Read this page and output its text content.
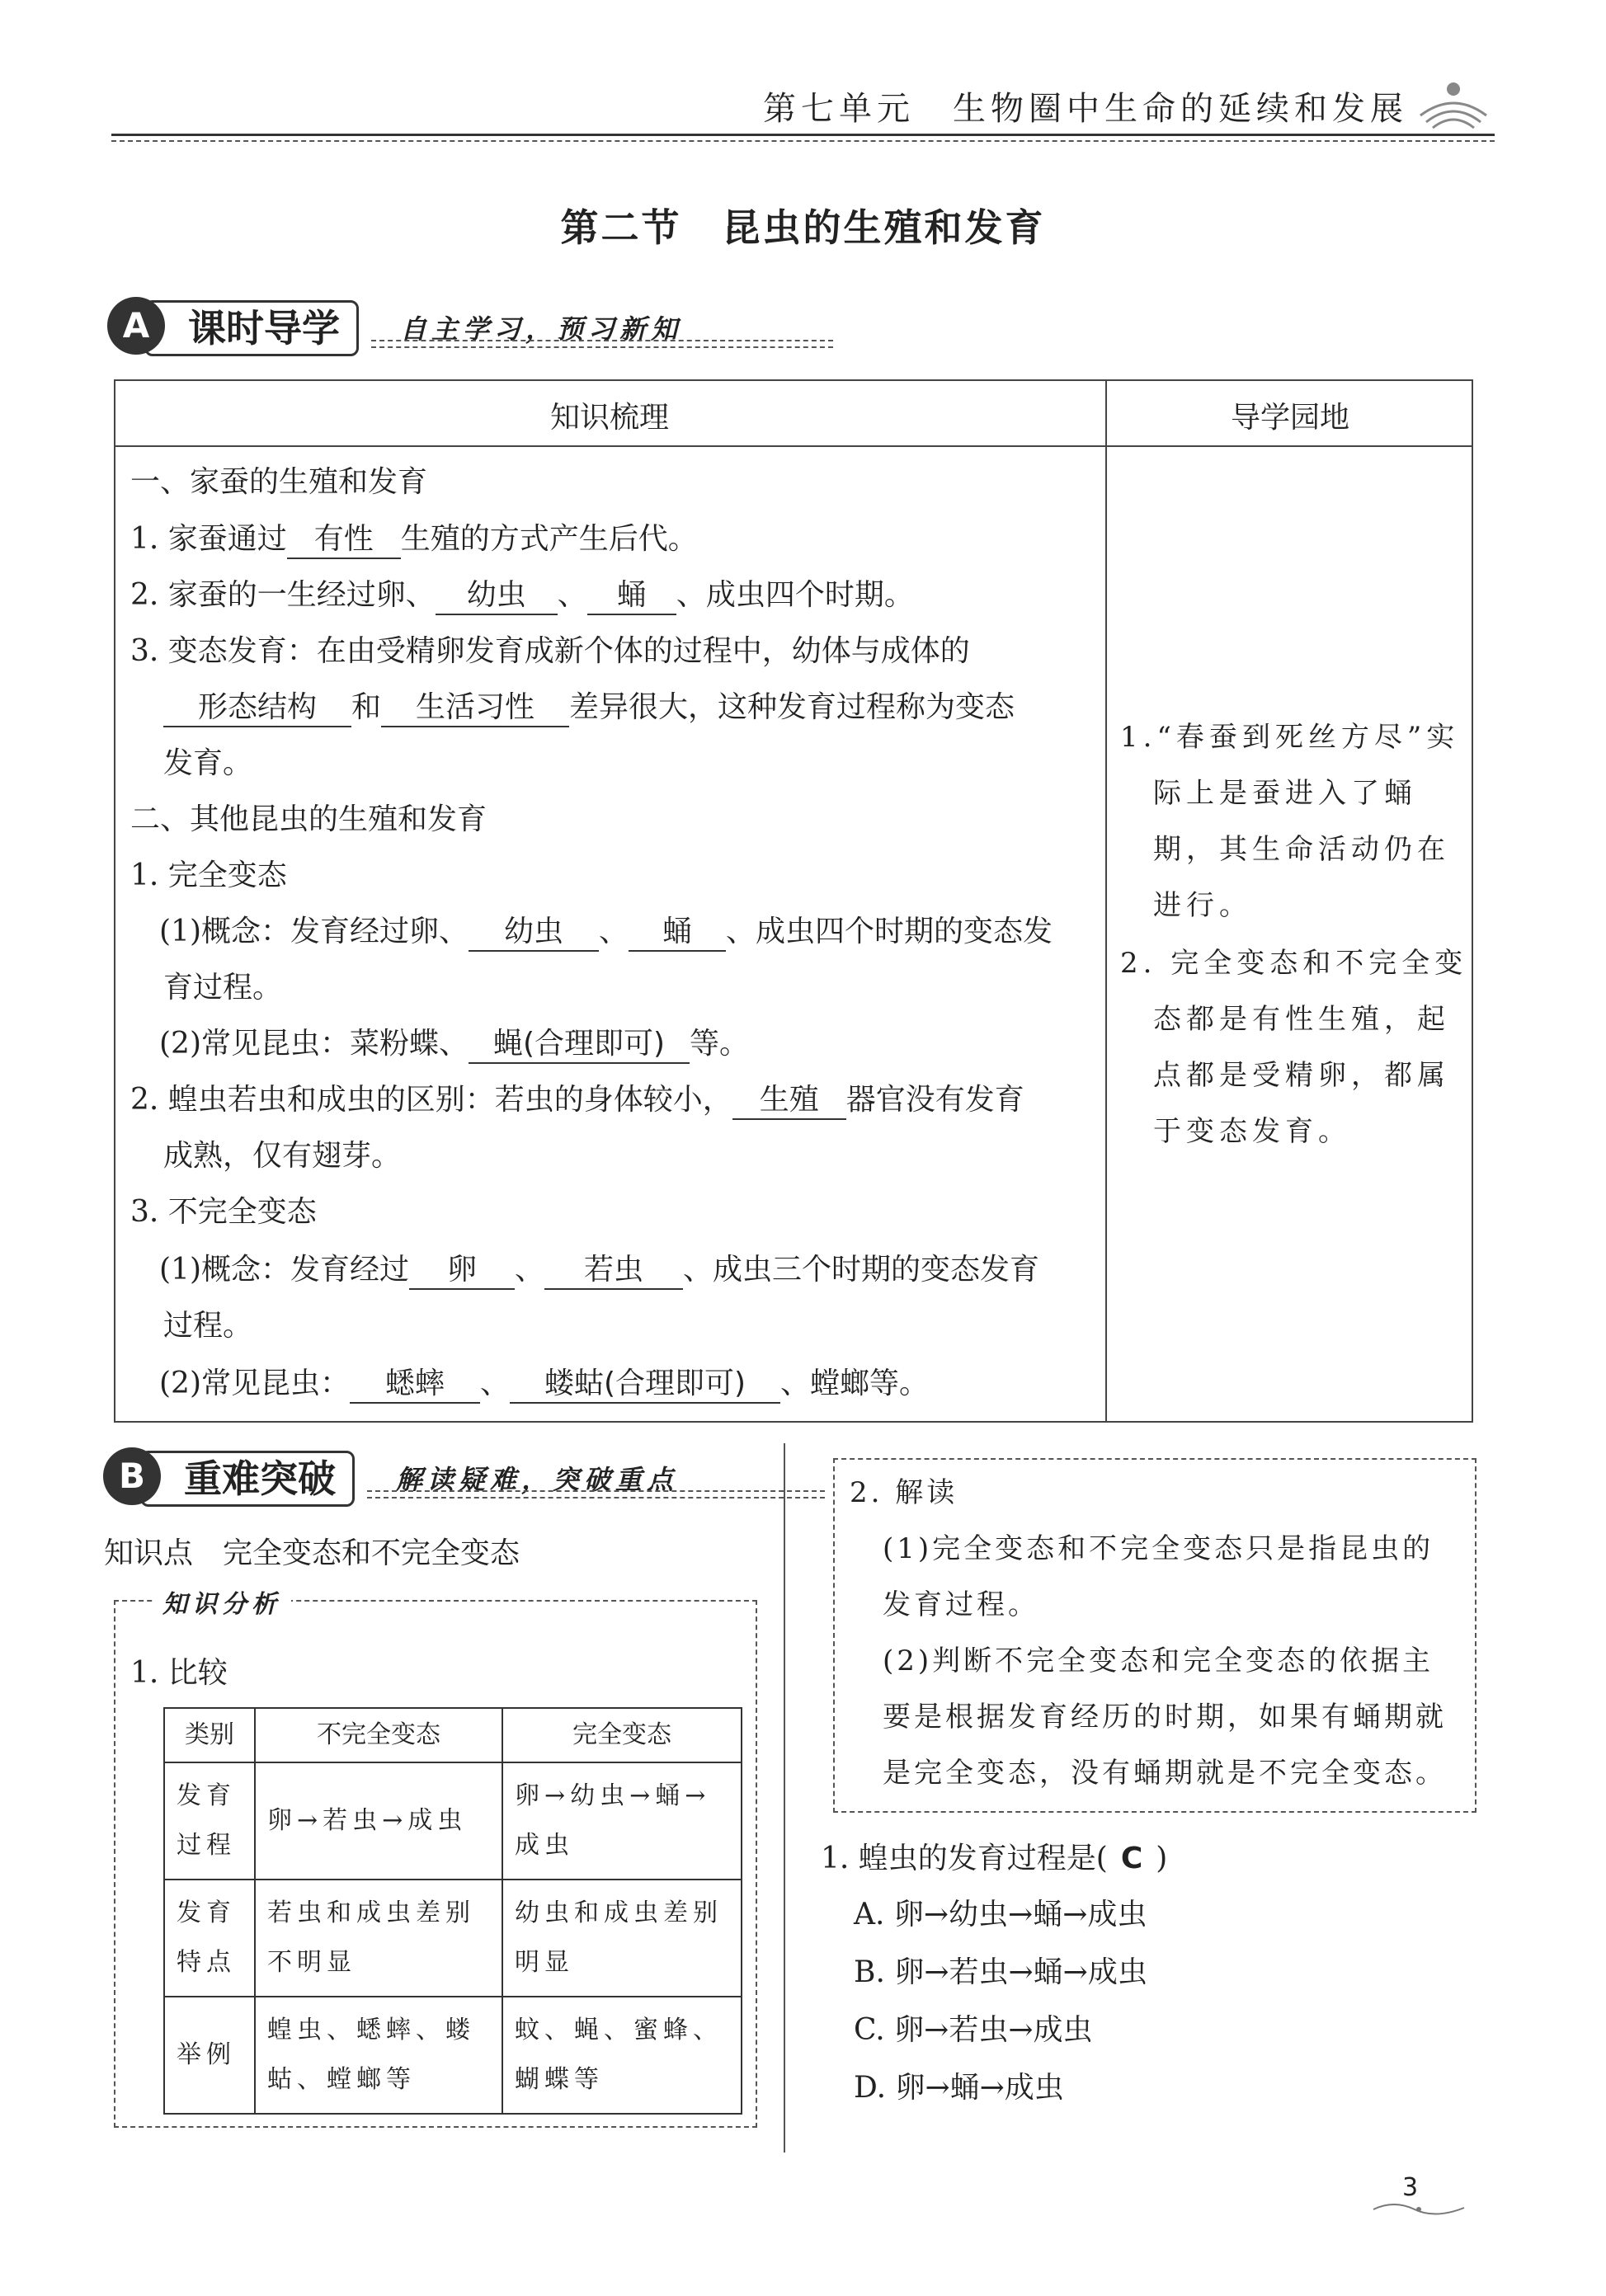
第七单元　生物圈中生命的延续和发展
第二节　昆虫的生殖和发育
课时导学
A	自主学习，预习新知
知识梳理	导学园地
一、家蚕的生殖和发育
1. 家蚕通过 有性 生殖的方式产生后代。
2. 家蚕的一生经过卵、 幼虫 、 蛹 、成虫四个时期。
3. 变态发育：在由受精卵发育成新个体的过程中，幼体与成体的
形态结构 和 生活习性 差异很大，这种发育过程称为变态
发育。
二、其他昆虫的生殖和发育
1. 完全变态
(1)概念：发育经过卵、 幼虫 、 蛹 、成虫四个时期的变态发
育过程。
(2)常见昆虫：菜粉蝶、 蝇(合理即可) 等。
2. 蝗虫若虫和成虫的区别：若虫的身体较小， 生殖 器官没有发育
成熟，仅有翅芽。
3. 不完全变态
(1)概念：发育经过 卵 、 若虫 、成虫三个时期的变态发育
过程。
(2)常见昆虫： 蟋蟀 、 蝼蛄(合理即可) 、螳螂等。
1.“春蚕到死丝方尽”实
际上是蚕进入了蛹
期，其生命活动仍在
进行。
2. 完全变态和不完全变
态都是有性生殖，起
点都是受精卵，都属
于变态发育。
重难突破
B	解读疑难，突破重点
知识点　完全变态和不完全变态
知识分析
1. 比较
类别	不完全变态	完全变态
发育过程	卵→若虫→成虫	卵→幼虫→蛹→成虫
发育特点	若虫和成虫差别不明显	幼虫和成虫差别明显
举例	蝗虫、蟋蟀、蝼蛄、螳螂等	蚊、蝇、蜜蜂、蝴蝶等
2. 解读
(1)完全变态和不完全变态只是指昆虫的
发育过程。
(2)判断不完全变态和完全变态的依据主
要是根据发育经历的时期，如果有蛹期就
是完全变态，没有蛹期就是不完全变态。
1. 蝗虫的发育过程是( C )
A. 卵→幼虫→蛹→成虫
B. 卵→若虫→蛹→成虫
C. 卵→若虫→成虫
D. 卵→蛹→成虫
3
